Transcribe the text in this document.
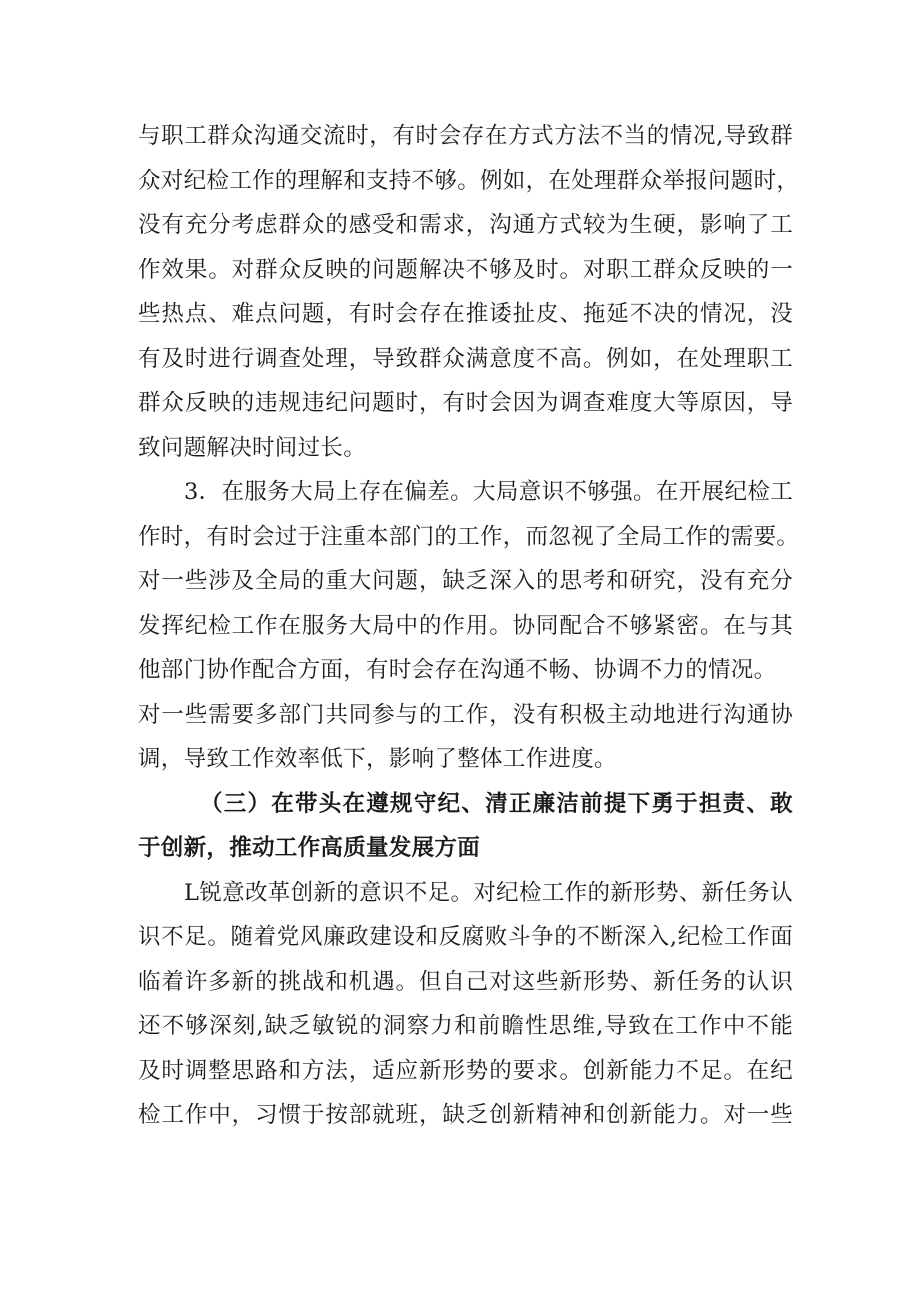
与职工群众沟通交流时，有时会存在方式方法不当的情况,导致群
众对纪检工作的理解和支持不够。例如，在处理群众举报问题时，
没有充分考虑群众的感受和需求，沟通方式较为生硬，影响了工
作效果。对群众反映的问题解决不够及时。对职工群众反映的一
些热点、难点问题，有时会存在推诿扯皮、拖延不决的情况，没
有及时进行调查处理，导致群众满意度不高。例如，在处理职工
群众反映的违规违纪问题时，有时会因为调查难度大等原因，导
致问题解决时间过长。
3．在服务大局上存在偏差。大局意识不够强。在开展纪检工
作时，有时会过于注重本部门的工作，而忽视了全局工作的需要。
对一些涉及全局的重大问题，缺乏深入的思考和研究，没有充分
发挥纪检工作在服务大局中的作用。协同配合不够紧密。在与其
他部门协作配合方面，有时会存在沟通不畅、协调不力的情况。
对一些需要多部门共同参与的工作，没有积极主动地进行沟通协
调，导致工作效率低下，影响了整体工作进度。
（三）在带头在遵规守纪、清正廉洁前提下勇于担责、敢
于创新，推动工作高质量发展方面
L锐意改革创新的意识不足。对纪检工作的新形势、新任务认
识不足。随着党风廉政建设和反腐败斗争的不断深入,纪检工作面
临着许多新的挑战和机遇。但自己对这些新形势、新任务的认识
还不够深刻,缺乏敏锐的洞察力和前瞻性思维,导致在工作中不能
及时调整思路和方法，适应新形势的要求。创新能力不足。在纪
检工作中，习惯于按部就班，缺乏创新精神和创新能力。对一些
